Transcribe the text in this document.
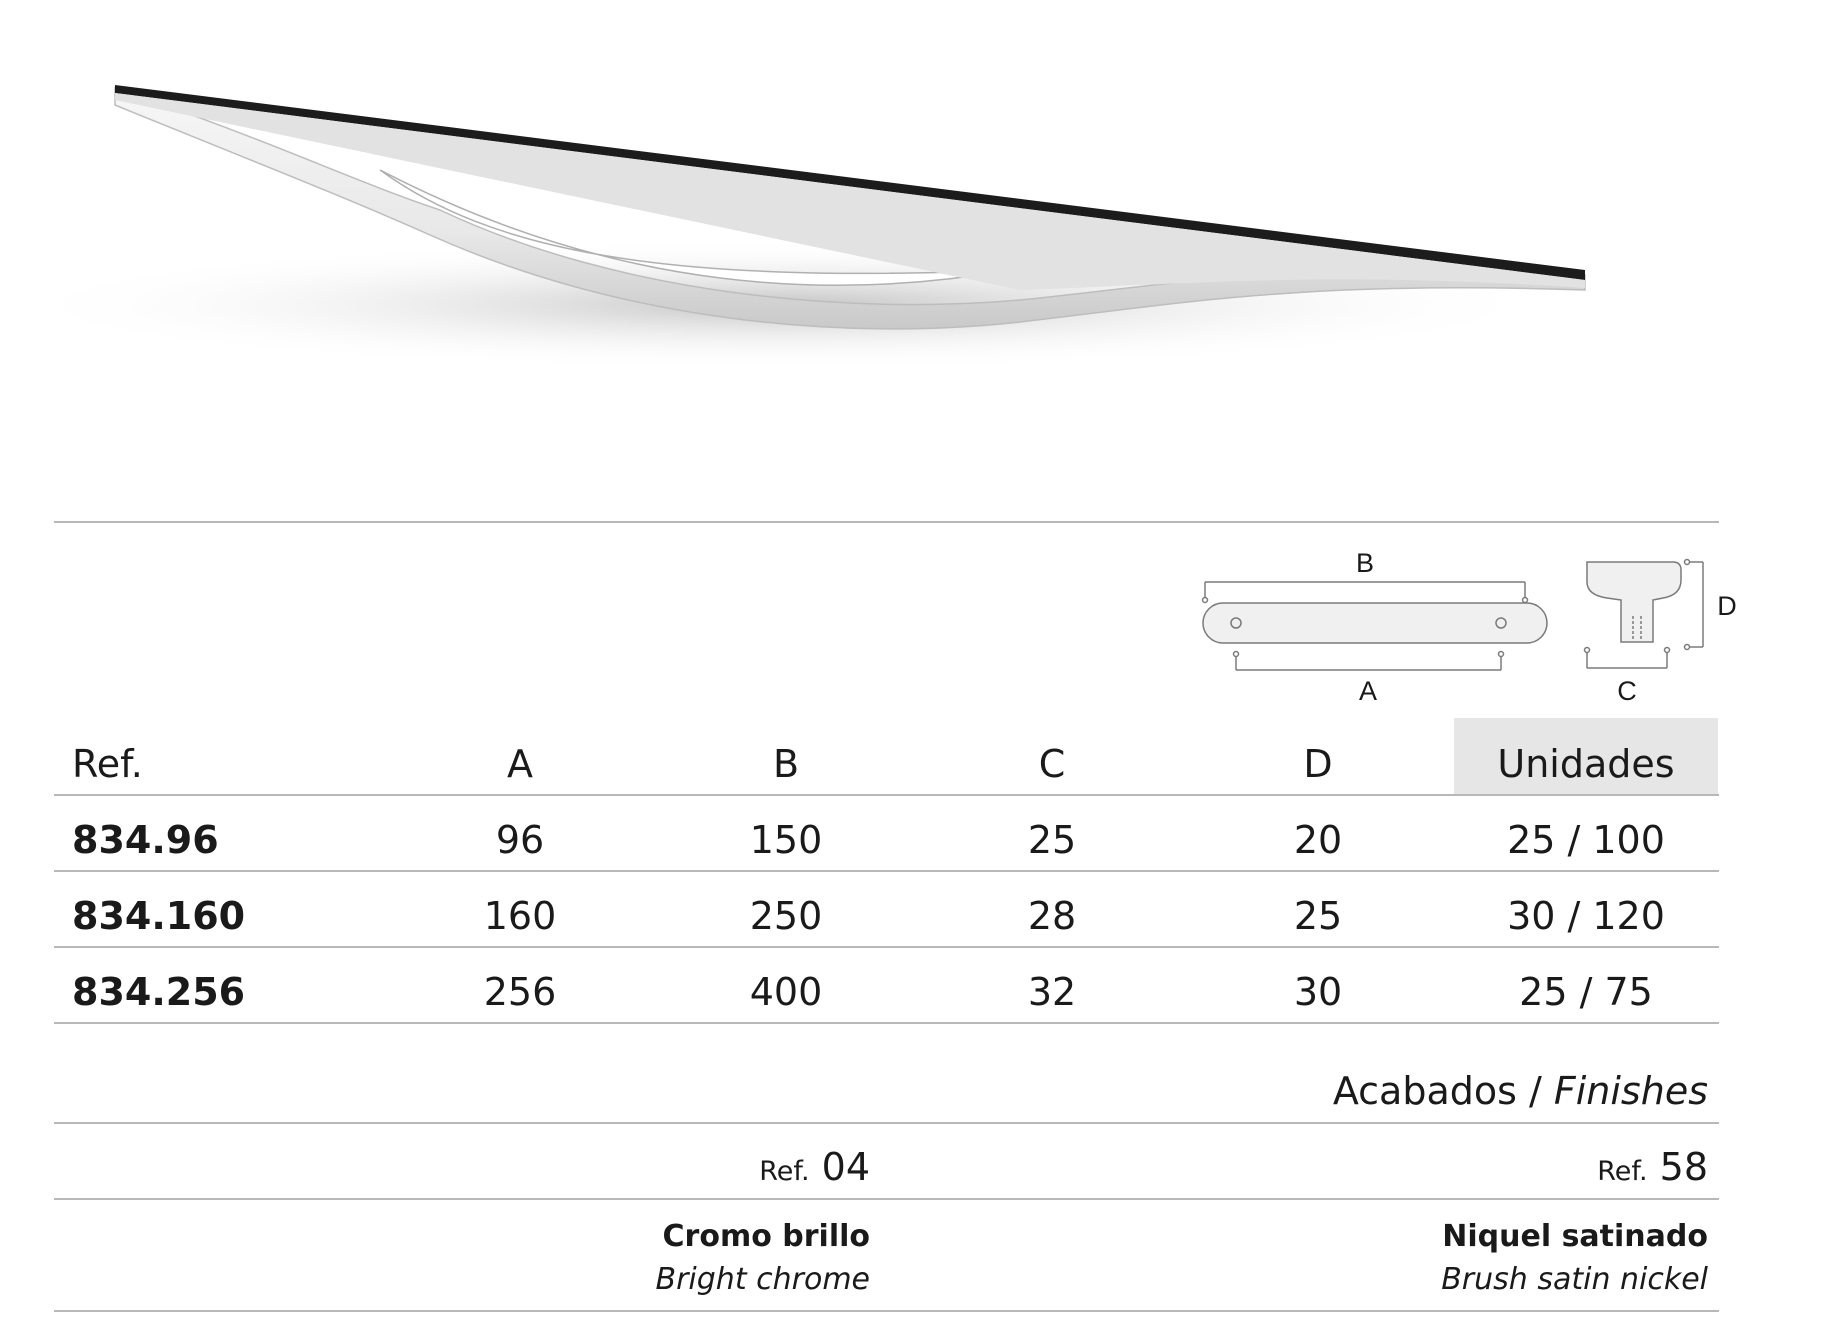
B
A	C
D
Ref.	A	B	C	D	Unidades
834.96	96	150	25	20	25 / 100
834.160	160	250	28	25	30 / 120
834.256	256	400	32	30	25 / 75
Acabados / Finishes
Ref. 04
Cromo brillo
Bright chrome
Ref. 58
Niquel satinado
Brush satin nickel
